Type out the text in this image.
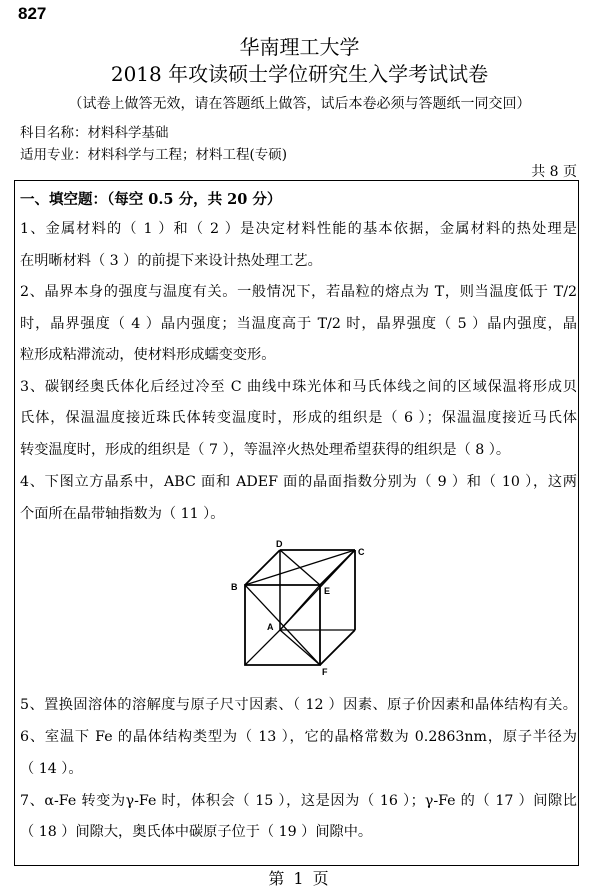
827
华南理工大学
2018 年攻读硕士学位研究生入学考试试卷
（试卷上做答无效，请在答题纸上做答，试后本卷必须与答题纸一同交回）
科目名称：材料科学基础
适用专业：材料科学与工程；材料工程(专硕)
共 8 页
一、填空题：（每空 0.5 分，共 20 分）
1、金属材料的（ 1 ）和（ 2 ）是决定材料性能的基本依据，金属材料的热处理是
在明晰材料（ 3 ）的前提下来设计热处理工艺。
2、晶界本身的强度与温度有关。一般情况下，若晶粒的熔点为 T，则当温度低于 T/2
时，晶界强度（ 4 ）晶内强度；当温度高于 T/2 时，晶界强度（ 5 ）晶内强度，晶
粒形成粘滞流动，使材料形成蠕变变形。
3、碳钢经奥氏体化后经过冷至 C 曲线中珠光体和马氏体线之间的区域保温将形成贝
氏体，保温温度接近珠氏体转变温度时，形成的组织是（ 6 ）；保温温度接近马氏体
转变温度时，形成的组织是（ 7 ），等温淬火热处理希望获得的组织是（ 8 ）。
4、下图立方晶系中，ABC 面和 ADEF 面的晶面指数分别为（ 9 ）和（ 10 ），这两
个面所在晶带轴指数为（ 11 ）。
D
C
B	E
A
F
5、置换固溶体的溶解度与原子尺寸因素、（ 12 ）因素、原子价因素和晶体结构有关。
6、室温下 Fe 的晶体结构类型为（ 13 ），它的晶格常数为 0.2863nm，原子半径为
（ 14 ）。
7、α-Fe 转变为γ-Fe 时，体积会（ 15 ），这是因为（ 16 ）；γ-Fe 的（ 17 ）间隙比
（ 18 ）间隙大，奥氏体中碳原子位于（ 19 ）间隙中。
第 1 页
